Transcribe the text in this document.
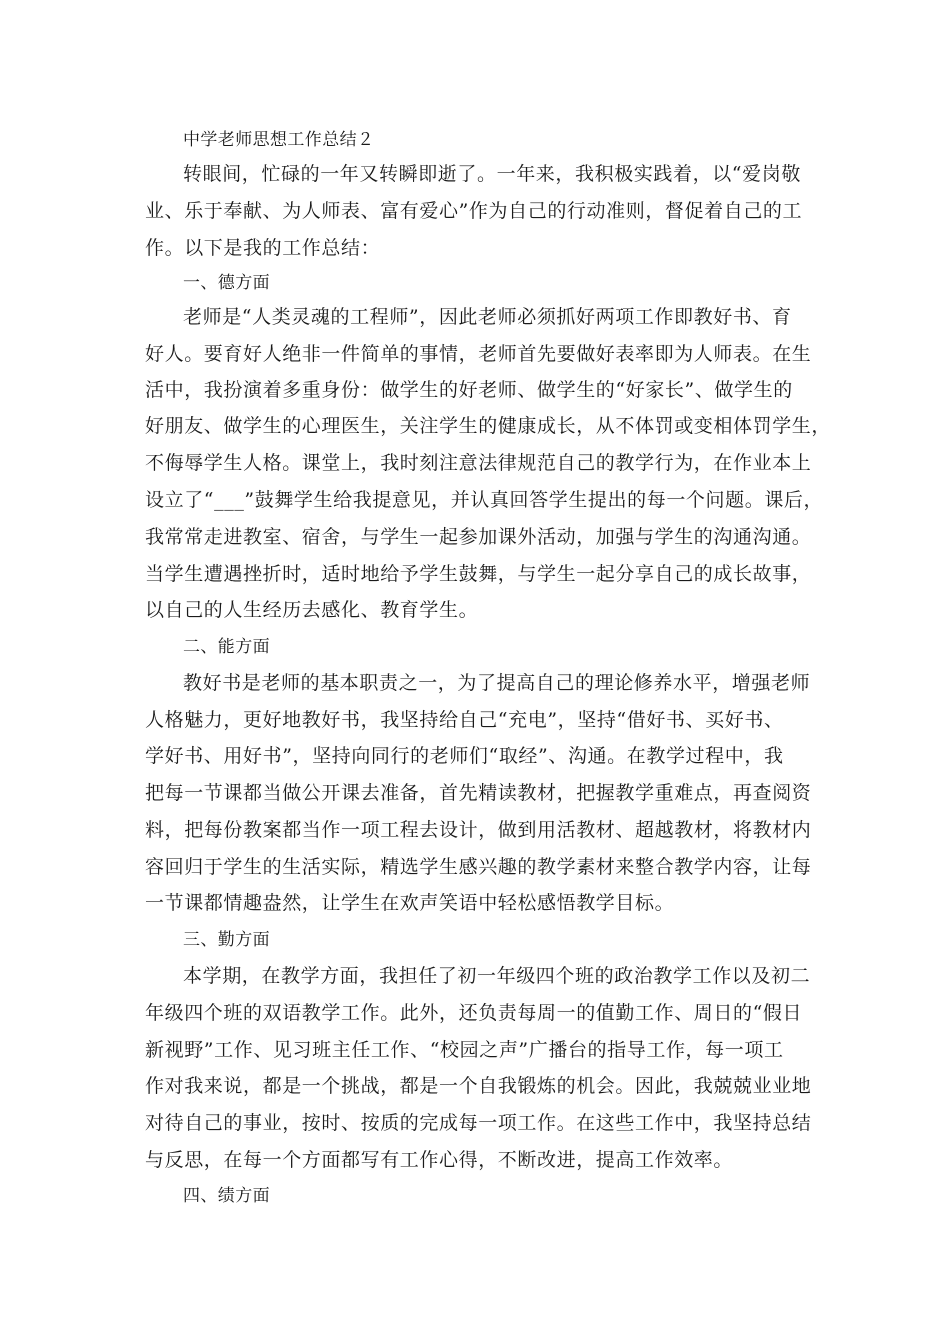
中学老师思想工作总结２
转眼间，忙碌的一年又转瞬即逝了。一年来，我积极实践着，以“爱岗敬
业、乐于奉献、为人师表、富有爱心”作为自己的行动准则，督促着自己的工
作。以下是我的工作总结：
一、德方面
老师是“人类灵魂的工程师”，因此老师必须抓好两项工作即教好书、育
好人。要育好人绝非一件简单的事情，老师首先要做好表率即为人师表。在生
活中，我扮演着多重身份：做学生的好老师、做学生的“好家长”、做学生的
好朋友、做学生的心理医生，关注学生的健康成长，从不体罚或变相体罚学生，
不侮辱学生人格。课堂上，我时刻注意法律规范自己的教学行为，在作业本上
设立了“___”鼓舞学生给我提意见，并认真回答学生提出的每一个问题。课后，
我常常走进教室、宿舍，与学生一起参加课外活动，加强与学生的沟通沟通。
当学生遭遇挫折时，适时地给予学生鼓舞，与学生一起分享自己的成长故事，
以自己的人生经历去感化、教育学生。
二、能方面
教好书是老师的基本职责之一，为了提高自己的理论修养水平，增强老师
人格魅力，更好地教好书，我坚持给自己“充电”，坚持“借好书、买好书、
学好书、用好书”，坚持向同行的老师们“取经”、沟通。在教学过程中，我
把每一节课都当做公开课去准备，首先精读教材，把握教学重难点，再查阅资
料，把每份教案都当作一项工程去设计，做到用活教材、超越教材，将教材内
容回归于学生的生活实际，精选学生感兴趣的教学素材来整合教学内容，让每
一节课都情趣盎然，让学生在欢声笑语中轻松感悟教学目标。
三、勤方面
本学期，在教学方面，我担任了初一年级四个班的政治教学工作以及初二
年级四个班的双语教学工作。此外，还负责每周一的值勤工作、周日的“假日
新视野”工作、见习班主任工作、“校园之声”广播台的指导工作，每一项工
作对我来说，都是一个挑战，都是一个自我锻炼的机会。因此，我兢兢业业地
对待自己的事业，按时、按质的完成每一项工作。在这些工作中，我坚持总结
与反思，在每一个方面都写有工作心得，不断改进，提高工作效率。
四、绩方面
